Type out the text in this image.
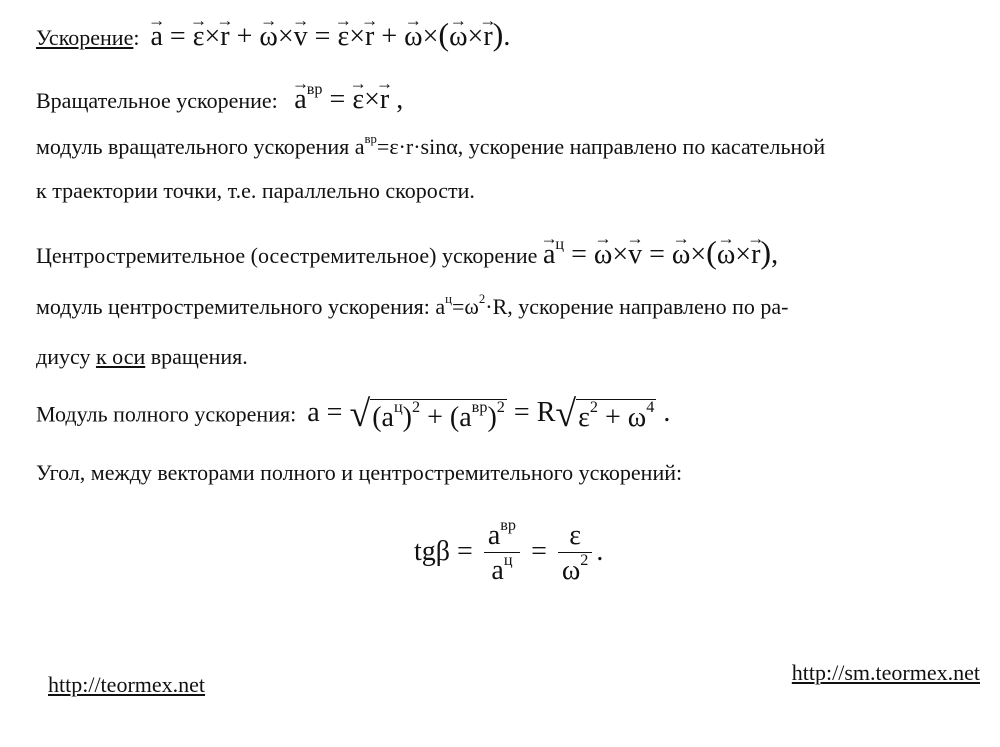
Ускорение: → a = → ε×→ r + → ω×→ v = → ε×→ r + → ω×(→ ω×→ r).
Вращательное ускорение: → $a^{вр}$ = → ε×→ r ,
модуль вращательного ускорения $a^{вр}=\varepsilon\cdot r\cdot\sin\alpha$, ускорение направлено по касательной
к траектории точки, т.е. параллельно скорости.
Центростремительное (осестремительное) ускорение → $a^ц$ = → ω×→ v = → ω×(→ ω×→ r),
модуль центростремительного ускорения: $a^ц=\omega^2\cdot R$, ускорение направлено по ра-
диусу к оси вращения.
Модуль полного ускорения:  $a = √(a^ц)^2 + (a^{вр})^2 = R√\varepsilon^2 + \omega^4$ .
Угол, между векторами полного и центростремительного ускорений:
$tg\beta = \frac{a^{вр}}{a^ц} = \frac{\varepsilon}{\omega^2}$ .
http://teormex.net	http://sm.teormex.net
